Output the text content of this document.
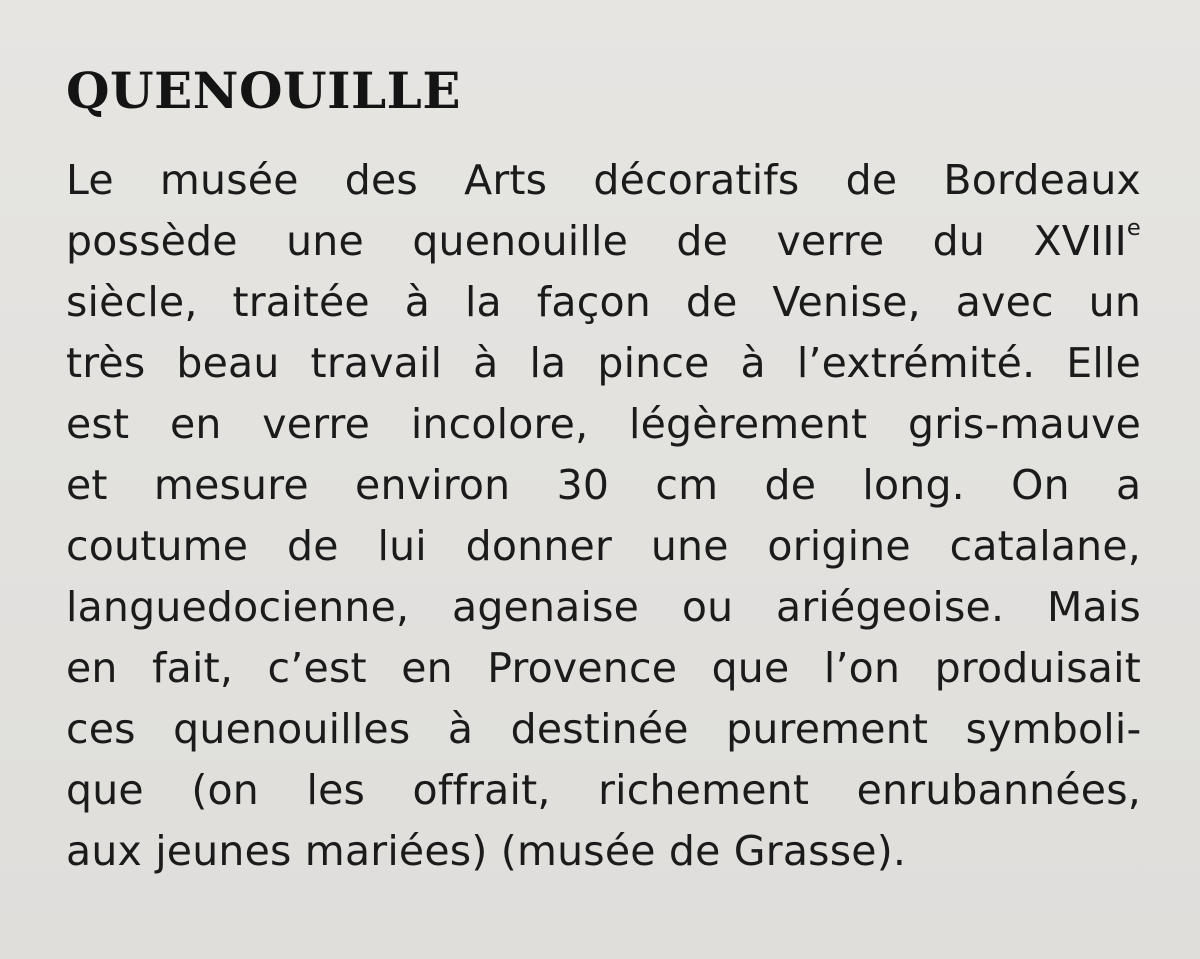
QUENOUILLE
Le musée des Arts décoratifs de Bordeaux
possède une quenouille de verre du XVIIIe
siècle, traitée à la façon de Venise, avec un
très beau travail à la pince à l’extrémité. Elle
est en verre incolore, légèrement gris-mauve
et mesure environ 30 cm de long. On a
coutume de lui donner une origine catalane,
languedocienne, agenaise ou ariégeoise. Mais
en fait, c’est en Provence que l’on produisait
ces quenouilles à destinée purement symboli-
que (on les offrait, richement enrubannées,
aux jeunes mariées) (musée de Grasse).
